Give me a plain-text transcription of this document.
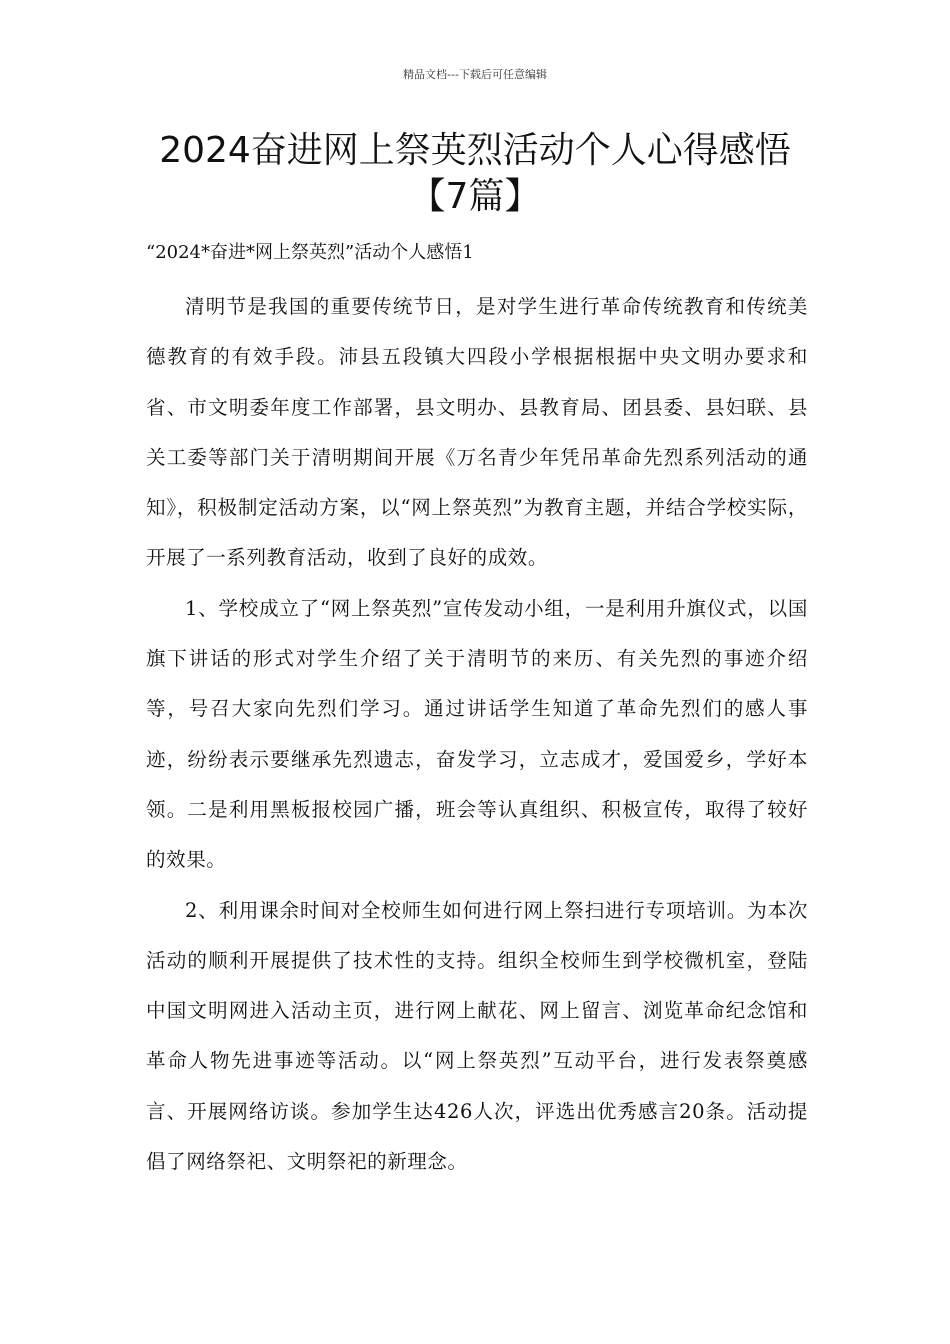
精品文档---下载后可任意编辑
2024奋进网上祭英烈活动个人心得感悟
【7篇】
“2024*奋进*网上祭英烈”活动个人感悟1

清明节是我国的重要传统节日，是对学生进行革命传统教育和传统美德教育的有效手段。沛县五段镇大四段小学根据根据中央文明办要求和省、市文明委年度工作部署，县文明办、县教育局、团县委、县妇联、县关工委等部门关于清明期间开展《万名青少年凭吊革命先烈系列活动的通知》，积极制定活动方案，以“网上祭英烈”为教育主题，并结合学校实际，开展了一系列教育活动，收到了良好的成效。

1、学校成立了“网上祭英烈”宣传发动小组，一是利用升旗仪式，以国旗下讲话的形式对学生介绍了关于清明节的来历、有关先烈的事迹介绍等，号召大家向先烈们学习。通过讲话学生知道了革命先烈们的感人事迹，纷纷表示要继承先烈遗志，奋发学习，立志成才，爱国爱乡，学好本领。二是利用黑板报校园广播，班会等认真组织、积极宣传，取得了较好的效果。

2、利用课余时间对全校师生如何进行网上祭扫进行专项培训。为本次活动的顺利开展提供了技术性的支持。组织全校师生到学校微机室，登陆中国文明网进入活动主页，进行网上献花、网上留言、浏览革命纪念馆和革命人物先进事迹等活动。以“网上祭英烈”互动平台，进行发表祭奠感言、开展网络访谈。参加学生达426人次，评选出优秀感言20条。活动提倡了网络祭祀、文明祭祀的新理念。
